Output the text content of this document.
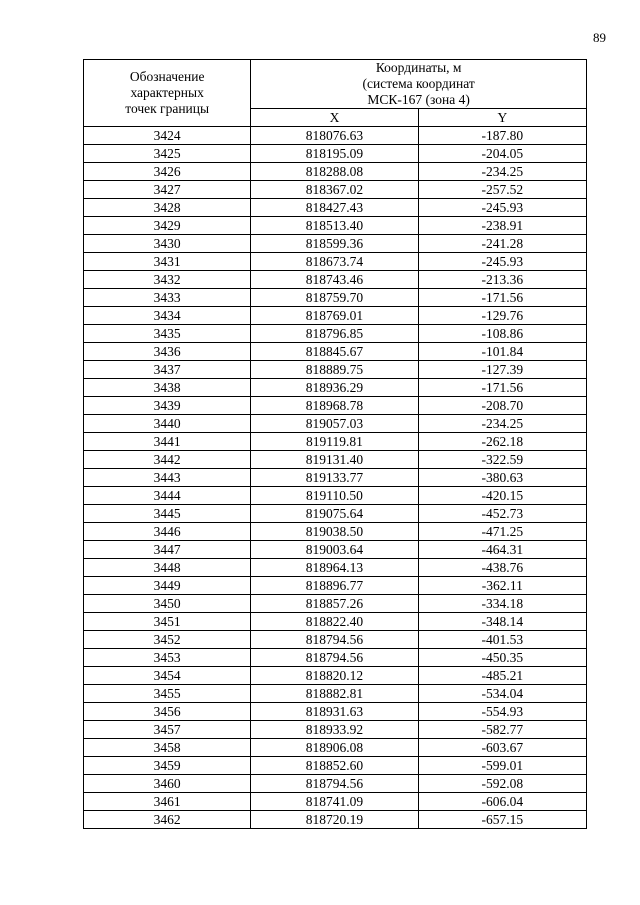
89
Обозначение
характерных
точек границы	Координаты, м
(система координат
МСК-167 (зона 4)	

	X	Y
3424	818076.63	-187.80
3425	818195.09	-204.05
3426	818288.08	-234.25
3427	818367.02	-257.52
3428	818427.43	-245.93
3429	818513.40	-238.91
3430	818599.36	-241.28
3431	818673.74	-245.93
3432	818743.46	-213.36
3433	818759.70	-171.56
3434	818769.01	-129.76
3435	818796.85	-108.86
3436	818845.67	-101.84
3437	818889.75	-127.39
3438	818936.29	-171.56
3439	818968.78	-208.70
3440	819057.03	-234.25
3441	819119.81	-262.18
3442	819131.40	-322.59
3443	819133.77	-380.63
3444	819110.50	-420.15
3445	819075.64	-452.73
3446	819038.50	-471.25
3447	819003.64	-464.31
3448	818964.13	-438.76
3449	818896.77	-362.11
3450	818857.26	-334.18
3451	818822.40	-348.14
3452	818794.56	-401.53
3453	818794.56	-450.35
3454	818820.12	-485.21
3455	818882.81	-534.04
3456	818931.63	-554.93
3457	818933.92	-582.77
3458	818906.08	-603.67
3459	818852.60	-599.01
3460	818794.56	-592.08
3461	818741.09	-606.04
3462	818720.19	-657.15
